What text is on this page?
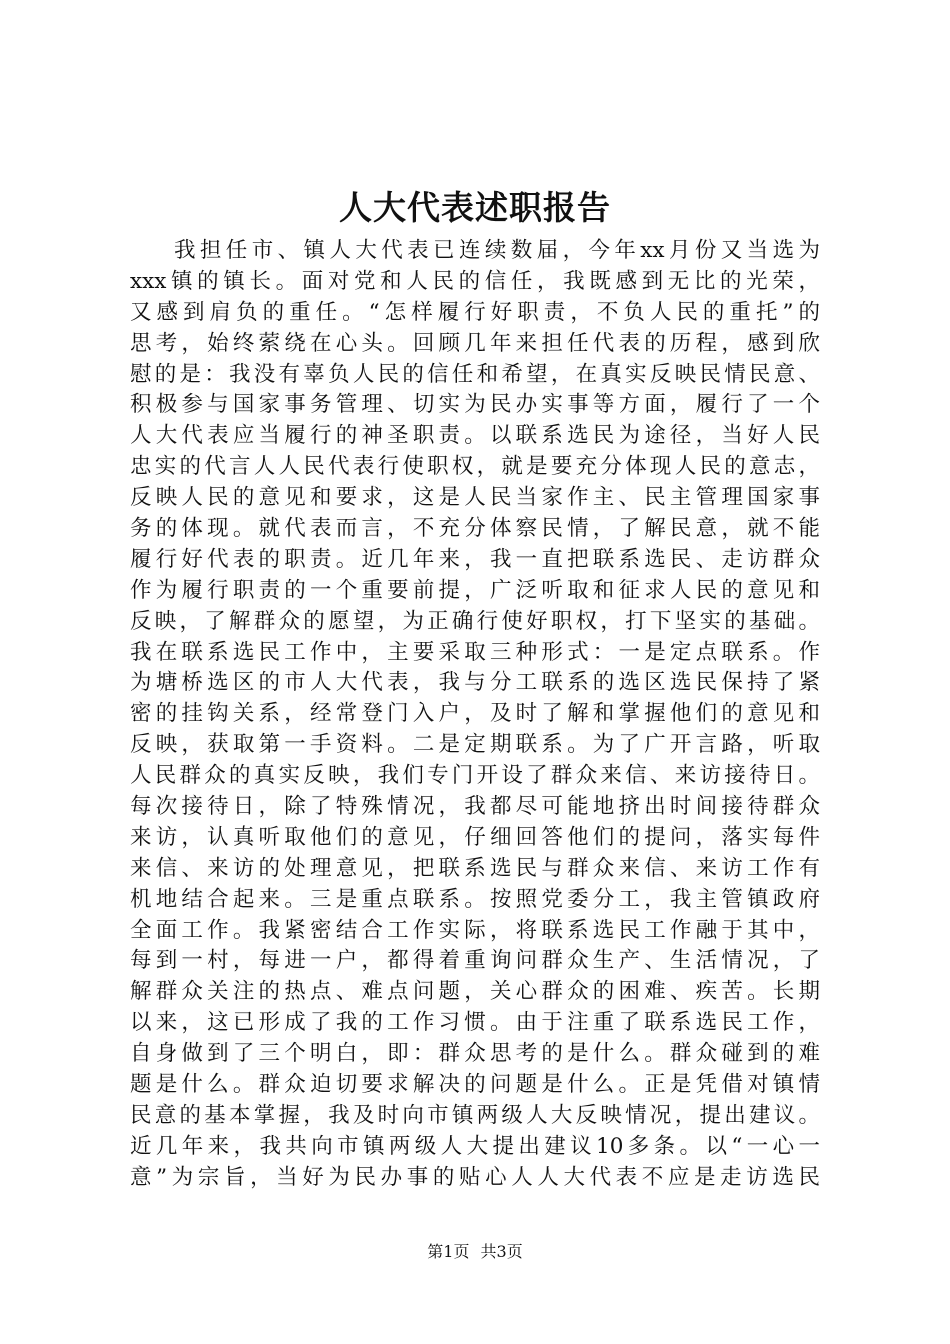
人大代表述职报告
我担任市、镇人大代表已连续数届，今年xx月份又当选为
xxx镇的镇长。面对党和人民的信任，我既感到无比的光荣，
又感到肩负的重任。“怎样履行好职责，不负人民的重托”的
思考，始终萦绕在心头。回顾几年来担任代表的历程，感到欣
慰的是：我没有辜负人民的信任和希望，在真实反映民情民意、
积极参与国家事务管理、切实为民办实事等方面，履行了一个
人大代表应当履行的神圣职责。以联系选民为途径，当好人民
忠实的代言人人民代表行使职权，就是要充分体现人民的意志，
反映人民的意见和要求，这是人民当家作主、民主管理国家事
务的体现。就代表而言，不充分体察民情，了解民意，就不能
履行好代表的职责。近几年来，我一直把联系选民、走访群众
作为履行职责的一个重要前提，广泛听取和征求人民的意见和
反映，了解群众的愿望，为正确行使好职权，打下坚实的基础。
我在联系选民工作中，主要采取三种形式：一是定点联系。作
为塘桥选区的市人大代表，我与分工联系的选区选民保持了紧
密的挂钩关系，经常登门入户，及时了解和掌握他们的意见和
反映，获取第一手资料。二是定期联系。为了广开言路，听取
人民群众的真实反映，我们专门开设了群众来信、来访接待日。
每次接待日，除了特殊情况，我都尽可能地挤出时间接待群众
来访，认真听取他们的意见，仔细回答他们的提问，落实每件
来信、来访的处理意见，把联系选民与群众来信、来访工作有
机地结合起来。三是重点联系。按照党委分工，我主管镇政府
全面工作。我紧密结合工作实际，将联系选民工作融于其中，
每到一村，每进一户，都得着重询问群众生产、生活情况，了
解群众关注的热点、难点问题，关心群众的困难、疾苦。长期
以来，这已形成了我的工作习惯。由于注重了联系选民工作，
自身做到了三个明白，即：群众思考的是什么。群众碰到的难
题是什么。群众迫切要求解决的问题是什么。正是凭借对镇情
民意的基本掌握，我及时向市镇两级人大反映情况，提出建议。
近几年来，我共向市镇两级人大提出建议10多条。以“一心一
意”为宗旨，当好为民办事的贴心人人大代表不应是走访选民
第1页 共3页
